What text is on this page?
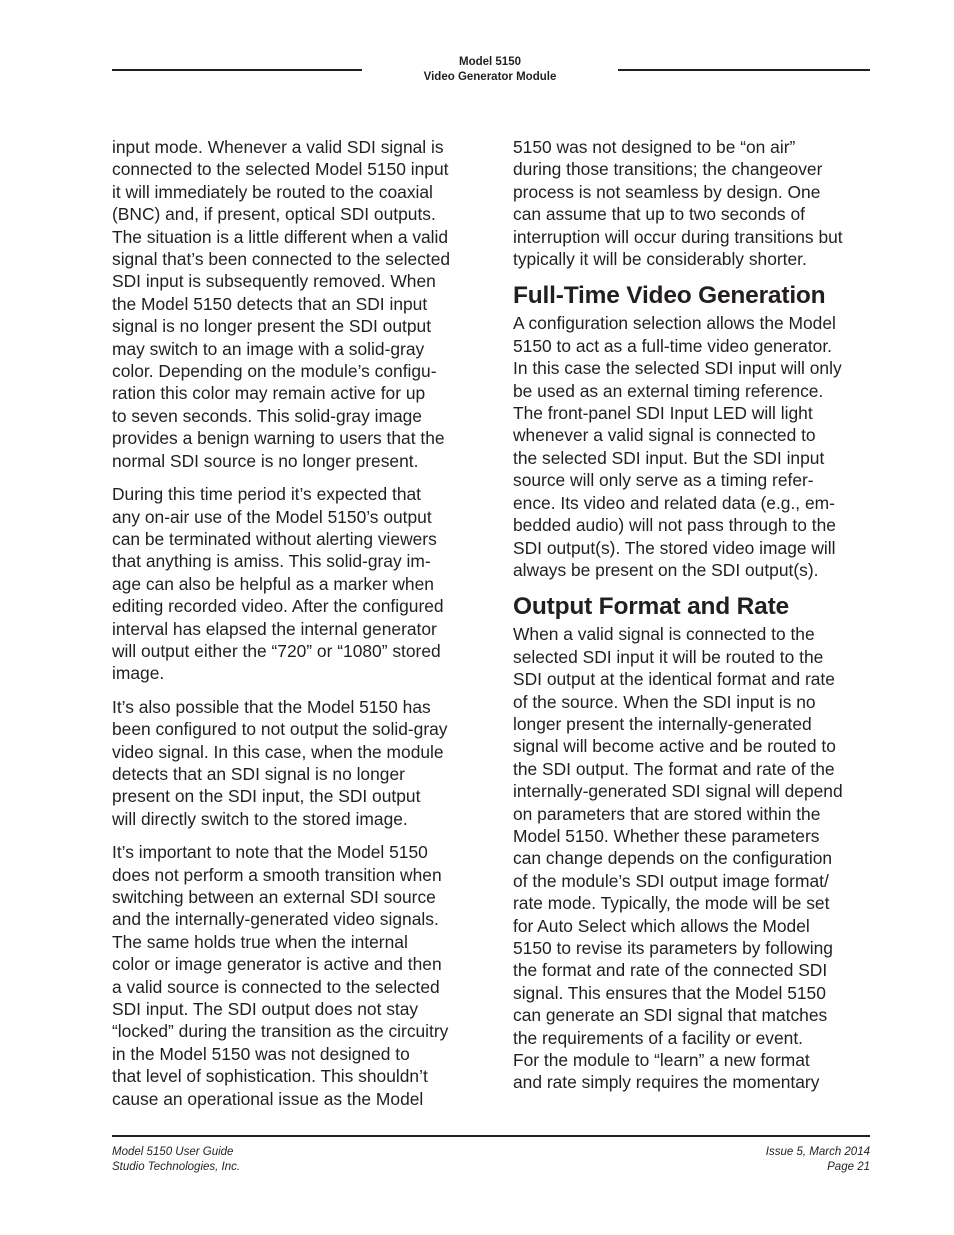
Model 5150
Video Generator Module
input mode. Whenever a valid SDI signal is
connected to the selected Model 5150 input
it will immediately be routed to the coaxial
(BNC) and, if present, optical SDI outputs.
The situation is a little different when a valid
signal that’s been connected to the selected
SDI input is subsequently removed. When
the Model 5150 detects that an SDI input
signal is no longer present the SDI output
may switch to an image with a solid-gray
color. Depending on the module’s configu-
ration this color may remain active for up
to seven seconds. This solid-gray image
provides a benign warning to users that the
normal SDI source is no longer present.
During this time period it’s expected that
any on-air use of the Model 5150’s output
can be terminated without alerting viewers
that anything is amiss. This solid-gray im-
age can also be helpful as a marker when
editing recorded video. After the configured
interval has elapsed the internal generator
will output either the “720” or “1080” stored
image.
It’s also possible that the Model 5150 has
been configured to not output the solid-gray
video signal. In this case, when the module
detects that an SDI signal is no longer
present on the SDI input, the SDI output
will directly switch to the stored image.
It’s important to note that the Model 5150
does not perform a smooth transition when
switching between an external SDI source
and the internally-generated video signals.
The same holds true when the internal
color or image generator is active and then
a valid source is connected to the selected
SDI input. The SDI output does not stay
“locked” during the transition as the circuitry
in the Model 5150 was not designed to
that level of sophistication. This shouldn’t
cause an operational issue as the Model
5150 was not designed to be “on air”
during those transitions; the changeover
process is not seamless by design. One
can assume that up to two seconds of
interruption will occur during transitions but
typically it will be considerably shorter.
Full-Time Video Generation
A configuration selection allows the Model
5150 to act as a full-time video generator.
In this case the selected SDI input will only
be used as an external timing reference.
The front-panel SDI Input LED will light
whenever a valid signal is connected to
the selected SDI input. But the SDI input
source will only serve as a timing refer-
ence. Its video and related data (e.g., em-
bedded audio) will not pass through to the
SDI output(s). The stored video image will
always be present on the SDI output(s).
Output Format and Rate
When a valid signal is connected to the
selected SDI input it will be routed to the
SDI output at the identical format and rate
of the source. When the SDI input is no
longer present the internally-generated
signal will become active and be routed to
the SDI output. The format and rate of the
internally-generated SDI signal will depend
on parameters that are stored within the
Model 5150. Whether these parameters
can change depends on the configuration
of the module’s SDI output image format/
rate mode. Typically, the mode will be set
for Auto Select which allows the Model
5150 to revise its parameters by following
the format and rate of the connected SDI
signal. This ensures that the Model 5150
can generate an SDI signal that matches
the requirements of a facility or event.
For the module to “learn” a new format
and rate simply requires the momentary
Model 5150 User Guide
Studio Technologies, Inc.
Issue 5, March 2014
Page 21
